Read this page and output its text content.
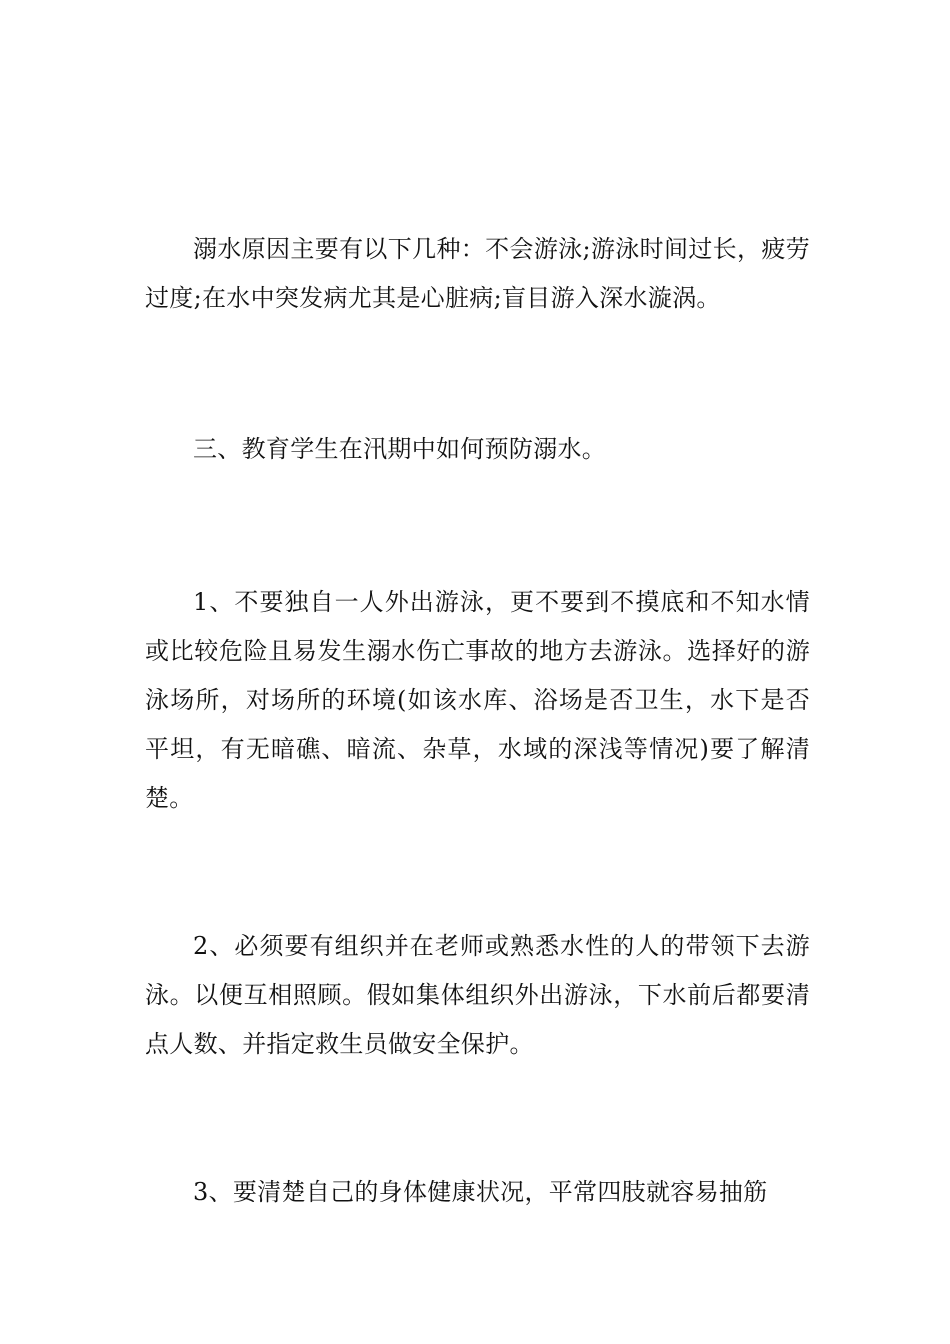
溺水原因主要有以下几种：不会游泳;游泳时间过长，疲劳过度;在水中突发病尤其是心脏病;盲目游入深水漩涡。

三、教育学生在汛期中如何预防溺水。

1、不要独自一人外出游泳，更不要到不摸底和不知水情或比较危险且易发生溺水伤亡事故的地方去游泳。选择好的游泳场所，对场所的环境(如该水库、浴场是否卫生，水下是否平坦，有无暗礁、暗流、杂草，水域的深浅等情况)要了解清楚。

2、必须要有组织并在老师或熟悉水性的人的带领下去游泳。以便互相照顾。假如集体组织外出游泳，下水前后都要清点人数、并指定救生员做安全保护。

3、要清楚自己的身体健康状况，平常四肢就容易抽筋
